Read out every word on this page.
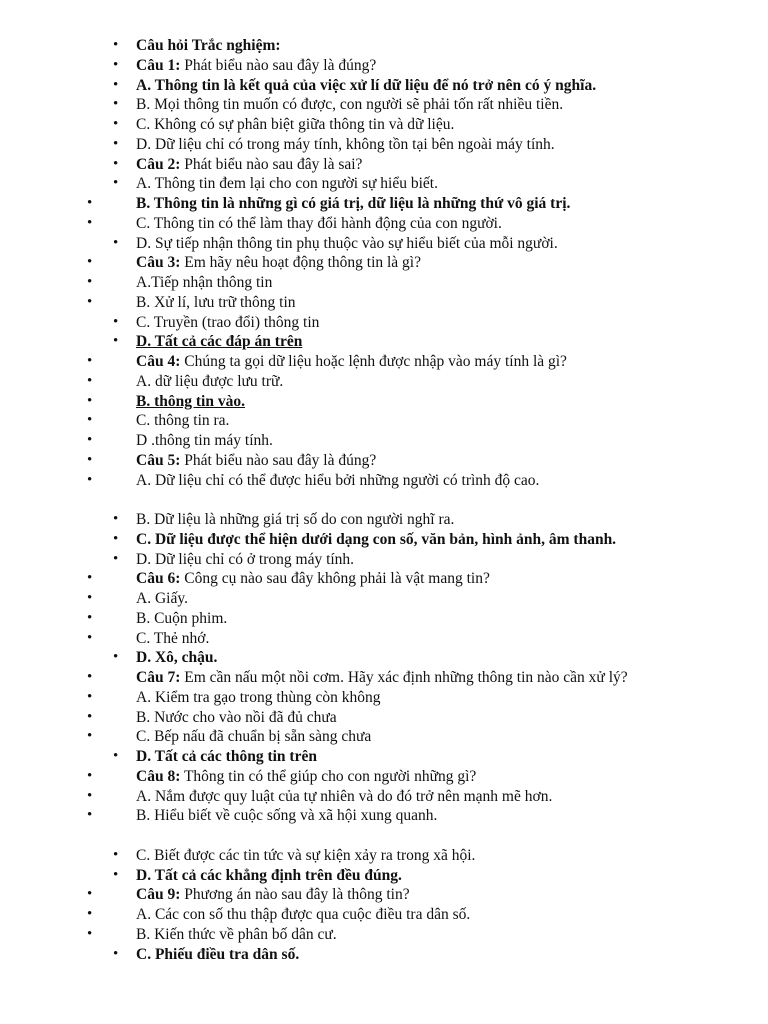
• Câu hỏi Trắc nghiệm:
• Câu 1: Phát biểu nào sau đây là đúng?
• A. Thông tin là kết quả của việc xử lí dữ liệu để nó trở nên có ý nghĩa.
• B. Mọi thông tin muốn có được, con người sẽ phải tốn rất nhiều tiền.
• C. Không có sự phân biệt giữa thông tin và dữ liệu.
• D. Dữ liệu chỉ có trong máy tính, không tồn tại bên ngoài máy tính.
• Câu 2: Phát biểu nào sau đây là sai?
• A. Thông tin đem lại cho con người sự hiểu biết.
•	B. Thông tin là những gì có giá trị, dữ liệu là những thứ vô giá trị.
•	C. Thông tin có thể làm thay đổi hành động của con người.
• D. Sự tiếp nhận thông tin phụ thuộc vào sự hiểu biết của mỗi người.
•	Câu 3: Em hãy nêu hoạt động thông tin là gì?
•	A.Tiếp nhận thông tin
•	B. Xử lí, lưu trữ thông tin
• C. Truyền (trao đổi) thông tin
• D. Tất cả các đáp án trên
•	Câu 4: Chúng ta gọi dữ liệu hoặc lệnh được nhập vào máy tính là gì?
•	A. dữ liệu được lưu trữ.
•	B. thông tin vào.
•	C. thông tin ra.
•	D .thông tin máy tính.
•	Câu 5: Phát biểu nào sau đây là đúng?
•	A. Dữ liệu chỉ có thể được hiểu bởi những người có trình độ cao.
• B. Dữ liệu là những giá trị số do con người nghĩ ra.
• C. Dữ liệu được thể hiện dưới dạng con số, văn bản, hình ảnh, âm thanh.
• D. Dữ liệu chỉ có ở trong máy tính.
•	Câu 6: Công cụ nào sau đây không phải là vật mang tin?
•	A. Giấy.
•	B. Cuộn phim.
•	C. Thẻ nhớ.
• D. Xô, chậu.
•	Câu 7: Em cần nấu một nồi cơm. Hãy xác định những thông tin nào cần xử lý?
•	A. Kiểm tra gạo trong thùng còn không
•	B. Nước cho vào nồi đã đủ chưa
•	C. Bếp nấu đã chuẩn bị sẵn sàng chưa
• D. Tất cả các thông tin trên
•	Câu 8: Thông tin có thể giúp cho con người những gì?
•	A. Nắm được quy luật của tự nhiên và do đó trở nên mạnh mẽ hơn.
•	B. Hiểu biết về cuộc sống và xã hội xung quanh.
• C. Biết được các tin tức và sự kiện xảy ra trong xã hội.
• D. Tất cả các khẳng định trên đều đúng.
•	Câu 9: Phương án nào sau đây là thông tin?
•	A. Các con số thu thập được qua cuộc điều tra dân số.
•	B. Kiến thức về phân bố dân cư.
• C. Phiếu điều tra dân số.
